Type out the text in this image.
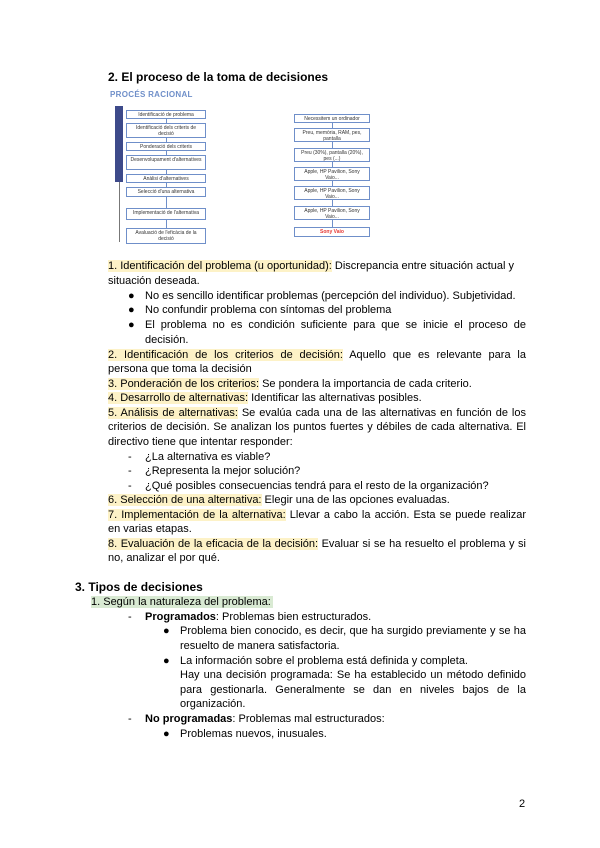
2. El proceso de la toma de decisiones
PROCÉS RACIONAL
Identificació de problema
Identificació dels criteris de decisió
Ponderació dels criteris
Desenvolupament d'alternatives
Anàlisi d'alternatives
Selecció d'una alternativa
Implementació de l'alternativa
Avaluació de l'eficàcia de la decisió
Necessitem un ordinador
Preu, memòria, RAM, pes, pantalla
Preu (30%), pantalla (20%), pes (...)
Apple, HP Pavilion, Sony Vaio...
Apple, HP Pavilion, Sony Vaio...
Apple, HP Pavilion, Sony Vaio...
Sony Vaio
1. Identificación del problema (u oportunidad): Discrepancia entre situación actual y
situación deseada.
● No es sencillo identificar problemas (percepción del individuo). Subjetividad.
● No confundir problema con síntomas del problema
● El problema no es condición suficiente para que se inicie el proceso de
decisión.
2. Identificación de los criterios de decisión: Aquello que es relevante para la
persona que toma la decisión
3. Ponderación de los criterios: Se pondera la importancia de cada criterio.
4. Desarrollo de alternativas: Identificar las alternativas posibles.
5. Análisis de alternativas: Se evalúa cada una de las alternativas en función de los
criterios de decisión. Se analizan los puntos fuertes y débiles de cada alternativa. El
directivo tiene que intentar responder:
- ¿La alternativa es viable?
- ¿Representa la mejor solución?
- ¿Qué posibles consecuencias tendrá para el resto de la organización?
6. Selección de una alternativa: Elegir una de las opciones evaluadas.
7. Implementación de la alternativa: Llevar a cabo la acción. Esta se puede realizar
en varias etapas.
8. Evaluación de la eficacia de la decisión: Evaluar si se ha resuelto el problema y si
no, analizar el por qué.
3. Tipos de decisiones
1. Según la naturaleza del problema:
- Programados: Problemas bien estructurados.
● Problema bien conocido, es decir, que ha surgido previamente y se ha
resuelto de manera satisfactoria.
● La información sobre el problema está definida y completa.
Hay una decisión programada: Se ha establecido un método definido
para gestionarla. Generalmente se dan en niveles bajos de la
organización.
- No programadas: Problemas mal estructurados:
● Problemas nuevos, inusuales.
2
